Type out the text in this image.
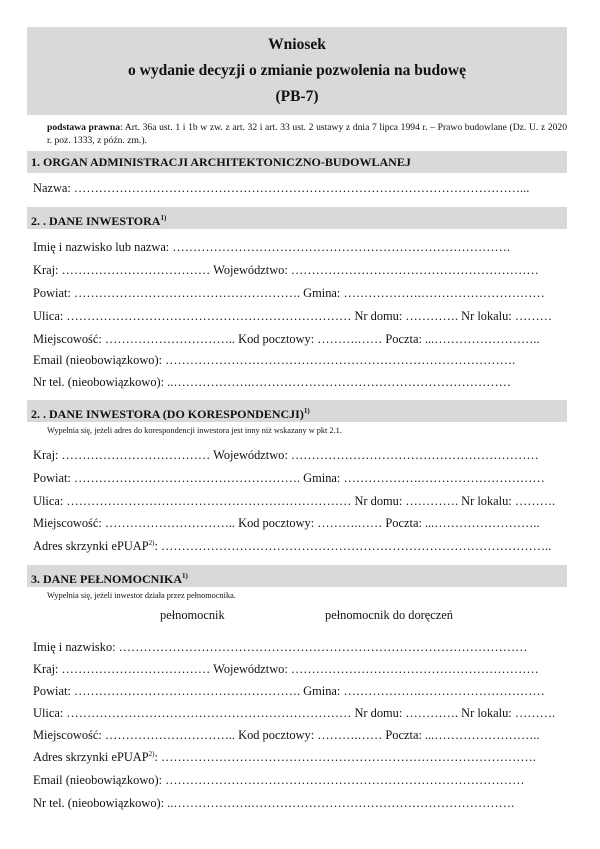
Wniosek
o wydanie decyzji o zmianie pozwolenia na budowę
(PB-7)
podstawa prawna: Art. 36a ust. 1 i 1b w zw. z art. 32 i art. 33 ust. 2 ustawy z dnia 7 lipca 1994 r. – Prawo budowlane (Dz. U. z 2020 r. poz. 1333, z późn. zm.).
1. ORGAN ADMINISTRACJI ARCHITEKTONICZNO-BUDOWLANEJ
Nazwa: ………………………………………………………………………………………………...
2. . DANE INWESTORA$^{1)}$
Imię i nazwisko lub nazwa: ……………………………………………………………………….
Kraj: ……………………………… Województwo: ……………………………………………………
Powiat: ………………………………………………. Gmina: ……………….…………………………
Ulica: …………………………………………………………… Nr domu: …………. Nr lokalu: ………
Miejscowość: ………………………….. Kod pocztowy: ……….…… Poczta: ...……………………..
Email (nieobowiązkowo): ………………………………………………………………………….
Nr tel. (nieobowiązkowo): ..……………….………………………………………………………
2. . DANE INWESTORA (DO KORESPONDENCJI)$^{1)}$
Wypełnia się, jeżeli adres do korespondencji inwestora jest inny niż wskazany w pkt 2.1.
Kraj: ……………………………… Województwo: ……………………………………………………
Powiat: ………………………………………………. Gmina: ……………….…………………………
Ulica: …………………………………………………………… Nr domu: …………. Nr lokalu: ……….
Miejscowość: ………………………….. Kod pocztowy: ……….…… Poczta: ...……………………..
Adres skrzynki ePUAP$^{2)}$: …………………………………………………………………………………..
3. DANE PEŁNOMOCNIKA$^{1)}$
Wypełnia się, jeżeli inwestor działa przez pełnomocnika.
pełnomocnik	pełnomocnik do doręczeń
Imię i nazwisko: ………………………………………………………………………………………
Kraj: ……………………………… Województwo: ……………………………………………………
Powiat: ………………………………………………. Gmina: ……………….…………………………
Ulica: …………………………………………………………… Nr domu: …………. Nr lokalu: ……….
Miejscowość: ………………………….. Kod pocztowy: ……….…… Poczta: ...……………………..
Adres skrzynki ePUAP$^{2)}$: ……………………………………………………………………………….
Email (nieobowiązkowo): ……………………………………………………………………………
Nr tel. (nieobowiązkowo): ..……………….……………………………………………………….
